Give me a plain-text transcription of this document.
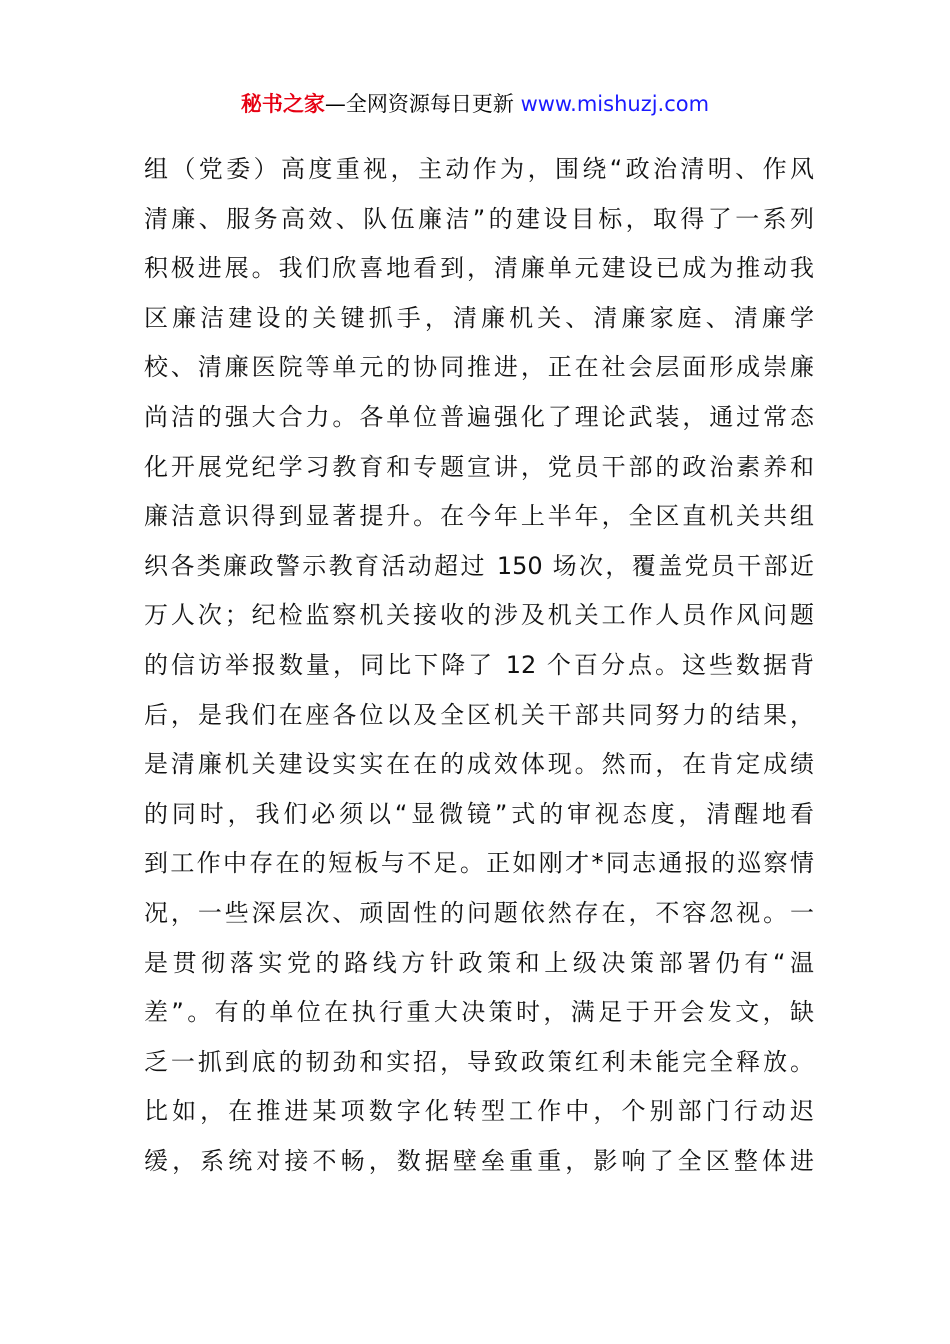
秘书之家—全网资源每日更新 www.mishuzj.com
组（党委）高度重视，主动作为，围绕“政治清明、作风
清廉、服务高效、队伍廉洁”的建设目标，取得了一系列
积极进展。我们欣喜地看到，清廉单元建设已成为推动我
区廉洁建设的关键抓手，清廉机关、清廉家庭、清廉学
校、清廉医院等单元的协同推进，正在社会层面形成崇廉
尚洁的强大合力。各单位普遍强化了理论武装，通过常态
化开展党纪学习教育和专题宣讲，党员干部的政治素养和
廉洁意识得到显著提升。在今年上半年，全区直机关共组
织各类廉政警示教育活动超过 150 场次，覆盖党员干部近
万人次；纪检监察机关接收的涉及机关工作人员作风问题
的信访举报数量，同比下降了 12 个百分点。这些数据背
后，是我们在座各位以及全区机关干部共同努力的结果，
是清廉机关建设实实在在的成效体现。然而，在肯定成绩
的同时，我们必须以“显微镜”式的审视态度，清醒地看
到工作中存在的短板与不足。正如刚才*同志通报的巡察情
况，一些深层次、顽固性的问题依然存在，不容忽视。一
是贯彻落实党的路线方针政策和上级决策部署仍有“温
差”。有的单位在执行重大决策时，满足于开会发文，缺
乏一抓到底的韧劲和实招，导致政策红利未能完全释放。
比如，在推进某项数字化转型工作中，个别部门行动迟
缓，系统对接不畅，数据壁垒重重，影响了全区整体进
